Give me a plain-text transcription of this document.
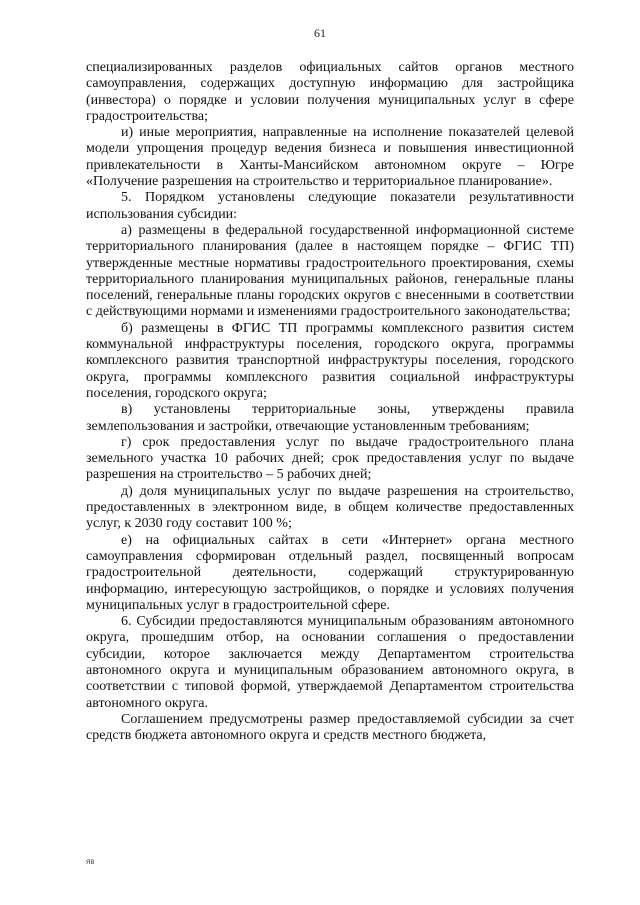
61

специализированных разделов официальных сайтов органов местного самоуправления, содержащих доступную информацию для застройщика (инвестора) о порядке и условии получения муниципальных услуг в сфере градостроительства;

и) иные мероприятия, направленные на исполнение показателей целевой модели упрощения процедур ведения бизнеса и повышения инвестиционной привлекательности в Ханты-Мансийском автономном округе – Югре «Получение разрешения на строительство и территориальное планирование».

5. Порядком установлены следующие показатели результативности использования субсидии:

а) размещены в федеральной государственной информационной системе территориального планирования (далее в настоящем порядке – ФГИС ТП) утвержденные местные нормативы градостроительного проектирования, схемы территориального планирования муниципальных районов, генеральные планы поселений, генеральные планы городских округов с внесенными в соответствии с действующими нормами и изменениями градостроительного законодательства;

б) размещены в ФГИС ТП программы комплексного развития систем коммунальной инфраструктуры поселения, городского округа, программы комплексного развития транспортной инфраструктуры поселения, городского округа, программы комплексного развития социальной инфраструктуры поселения, городского округа;

в) установлены территориальные зоны, утверждены правила землепользования и застройки, отвечающие установленным требованиям;

г) срок предоставления услуг по выдаче градостроительного плана земельного участка 10 рабочих дней; срок предоставления услуг по выдаче разрешения на строительство – 5 рабочих дней;

д) доля муниципальных услуг по выдаче разрешения на строительство, предоставленных в электронном виде, в общем количестве предоставленных услуг, к 2030 году составит 100 %;

е) на официальных сайтах в сети «Интернет» органа местного самоуправления сформирован отдельный раздел, посвященный вопросам градостроительной деятельности, содержащий структурированную информацию, интересующую застройщиков, о порядке и условиях получения муниципальных услуг в градостроительной сфере.

6. Субсидии предоставляются муниципальным образованиям автономного округа, прошедшим отбор, на основании соглашения о предоставлении субсидии, которое заключается между Департаментом строительства автономного округа и муниципальным образованием автономного округа, в соответствии с типовой формой, утверждаемой Департаментом строительства автономного округа.

Соглашением предусмотрены размер предоставляемой субсидии за счет средств бюджета автономного округа и средств местного бюджета,

ЯВ
